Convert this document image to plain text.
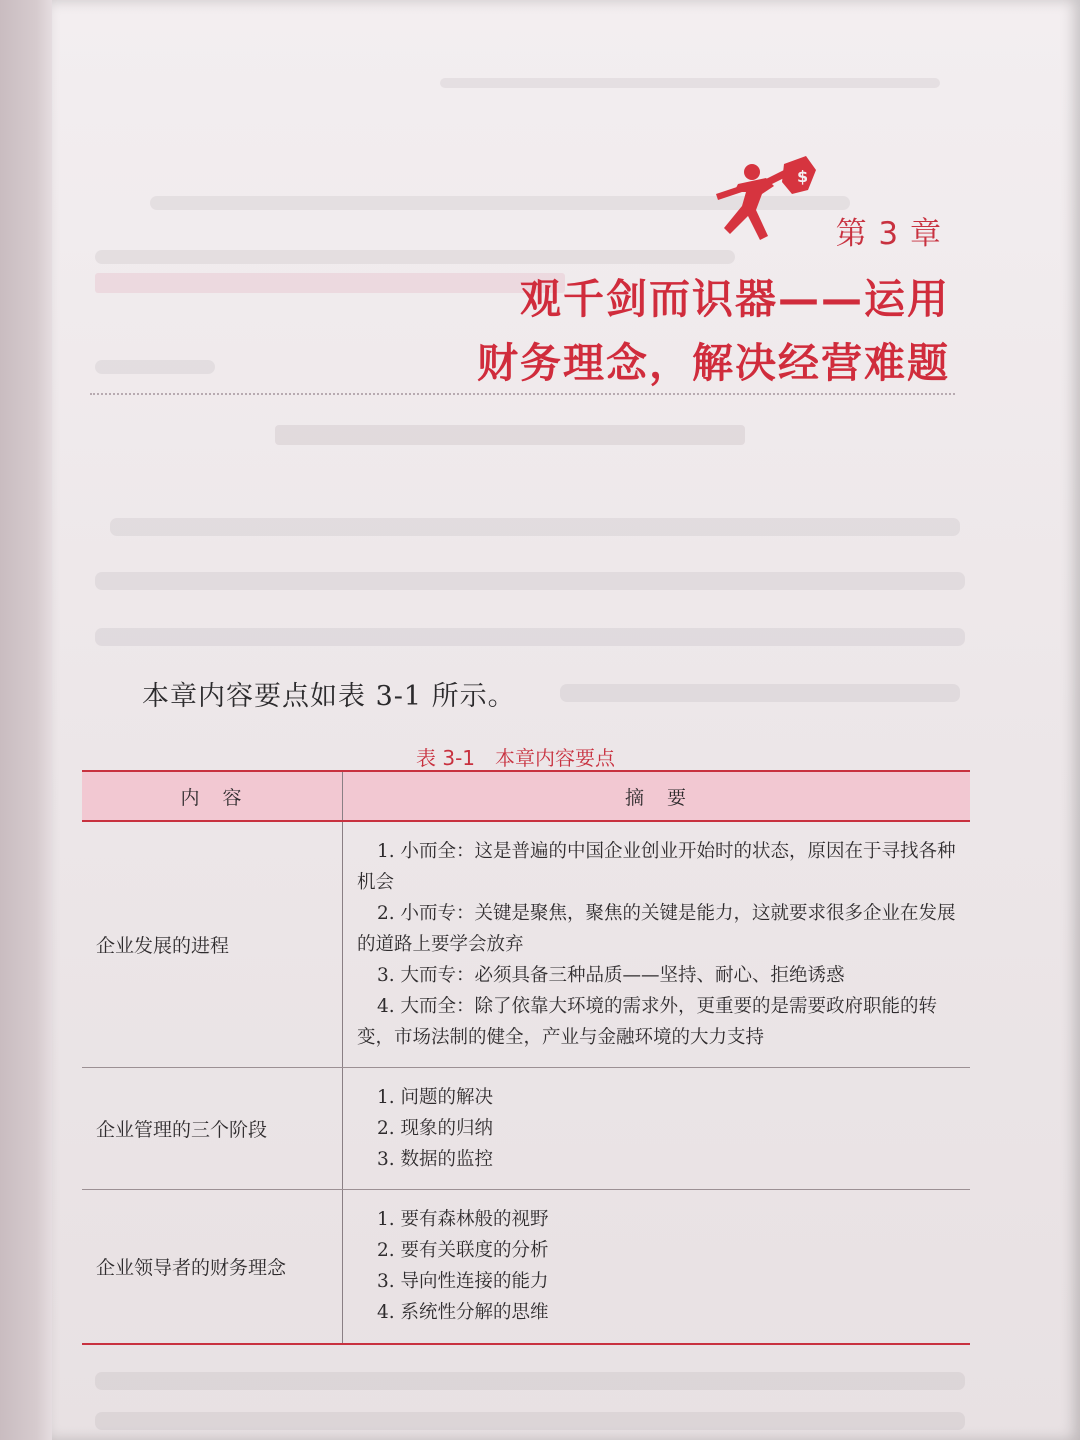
$
第 3 章
观千剑而识器——运用
财务理念，解决经营难题
本章内容要点如表 3-1 所示。
表 3-1　 本章内容要点
内　容	摘　要
企业发展的进程	1. 小而全：这是普遍的中国企业创业开始时的状态，原因在于寻找各种机会
2. 小而专：关键是聚焦，聚焦的关键是能力，这就要求很多企业在发展的道路上要学会放弃
3. 大而专：必须具备三种品质——坚持、耐心、拒绝诱惑
4. 大而全：除了依靠大环境的需求外，更重要的是需要政府职能的转变，市场法制的健全，产业与金融环境的大力支持

企业管理的三个阶段	1. 问题的解决
2. 现象的归纳
3. 数据的监控

企业领导者的财务理念	1. 要有森林般的视野
2. 要有关联度的分析
3. 导向性连接的能力
4. 系统性分解的思维
